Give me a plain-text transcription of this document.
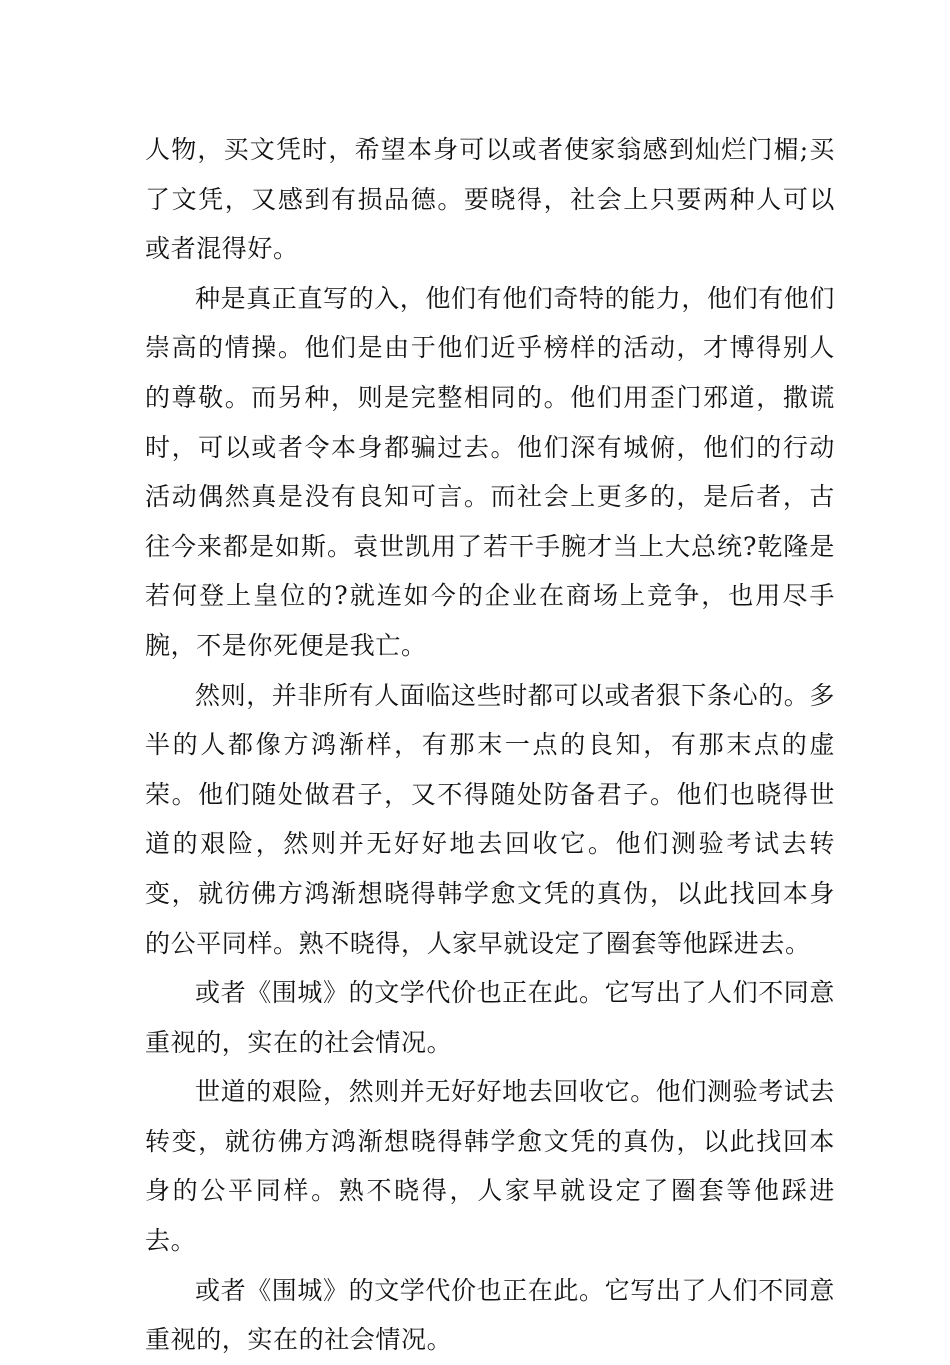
人物，买文凭时，希望本身可以或者使家翁感到灿烂门楣;买了文凭，又感到有损品德。要晓得，社会上只要两种人可以或者混得好。

种是真正直写的入，他们有他们奇特的能力，他们有他们崇高的情操。他们是由于他们近乎榜样的活动，才博得别人的尊敬。而另种，则是完整相同的。他们用歪门邪道，撒谎时，可以或者令本身都骗过去。他们深有城俯，他们的行动活动偶然真是没有良知可言。而社会上更多的，是后者，古往今来都是如斯。袁世凯用了若干手腕才当上大总统?乾隆是若何登上皇位的?就连如今的企业在商场上竞争，也用尽手腕，不是你死便是我亡。

然则，并非所有人面临这些时都可以或者狠下条心的。多半的人都像方鸿渐样，有那末一点的良知，有那末点的虚荣。他们随处做君子，又不得随处防备君子。他们也晓得世道的艰险，然则并无好好地去回收它。他们测验考试去转变，就彷佛方鸿渐想晓得韩学愈文凭的真伪，以此找回本身的公平同样。熟不晓得，人家早就设定了圈套等他踩进去。

或者《围城》的文学代价也正在此。它写出了人们不同意重视的，实在的社会情况。

世道的艰险，然则并无好好地去回收它。他们测验考试去转变，就彷佛方鸿渐想晓得韩学愈文凭的真伪，以此找回本身的公平同样。熟不晓得，人家早就设定了圈套等他踩进去。

或者《围城》的文学代价也正在此。它写出了人们不同意重视的，实在的社会情况。
